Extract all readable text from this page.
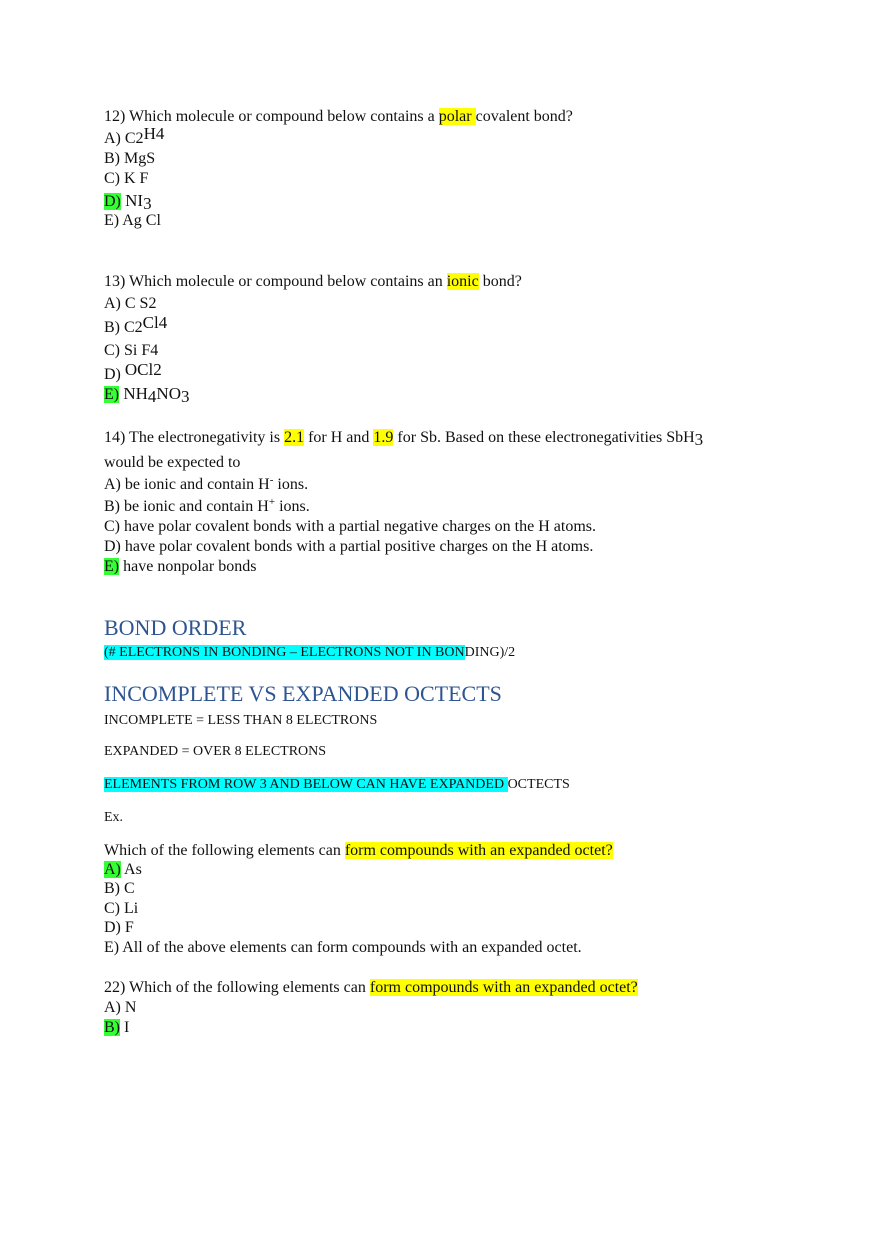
12) Which molecule or compound below contains a polar covalent bond?
A) C2H4
B) MgS
C) K F
D) NI3
E) Ag Cl
13) Which molecule or compound below contains an ionic bond?
A) C S2
B) C2Cl4
C) Si F4
D) OCl2
E) NH4NO3
14) The electronegativity is 2.1 for H and 1.9 for Sb. Based on these electronegativities SbH3
would be expected to
A) be ionic and contain H- ions.
B) be ionic and contain H+ ions.
C) have polar covalent bonds with a partial negative charges on the H atoms.
D) have polar covalent bonds with a partial positive charges on the H atoms.
E) have nonpolar bonds
BOND ORDER
(# ELECTRONS IN BONDING – ELECTRONS NOT IN BONDING)/2
INCOMPLETE VS EXPANDED OCTECTS
INCOMPLETE = LESS THAN 8 ELECTRONS
EXPANDED = OVER 8 ELECTRONS
ELEMENTS FROM ROW 3 AND BELOW CAN HAVE EXPANDED OCTECTS
Ex.
Which of the following elements can form compounds with an expanded octet?
A) As
B) C
C) Li
D) F
E) All of the above elements can form compounds with an expanded octet.
22) Which of the following elements can form compounds with an expanded octet?
A) N
B) I
